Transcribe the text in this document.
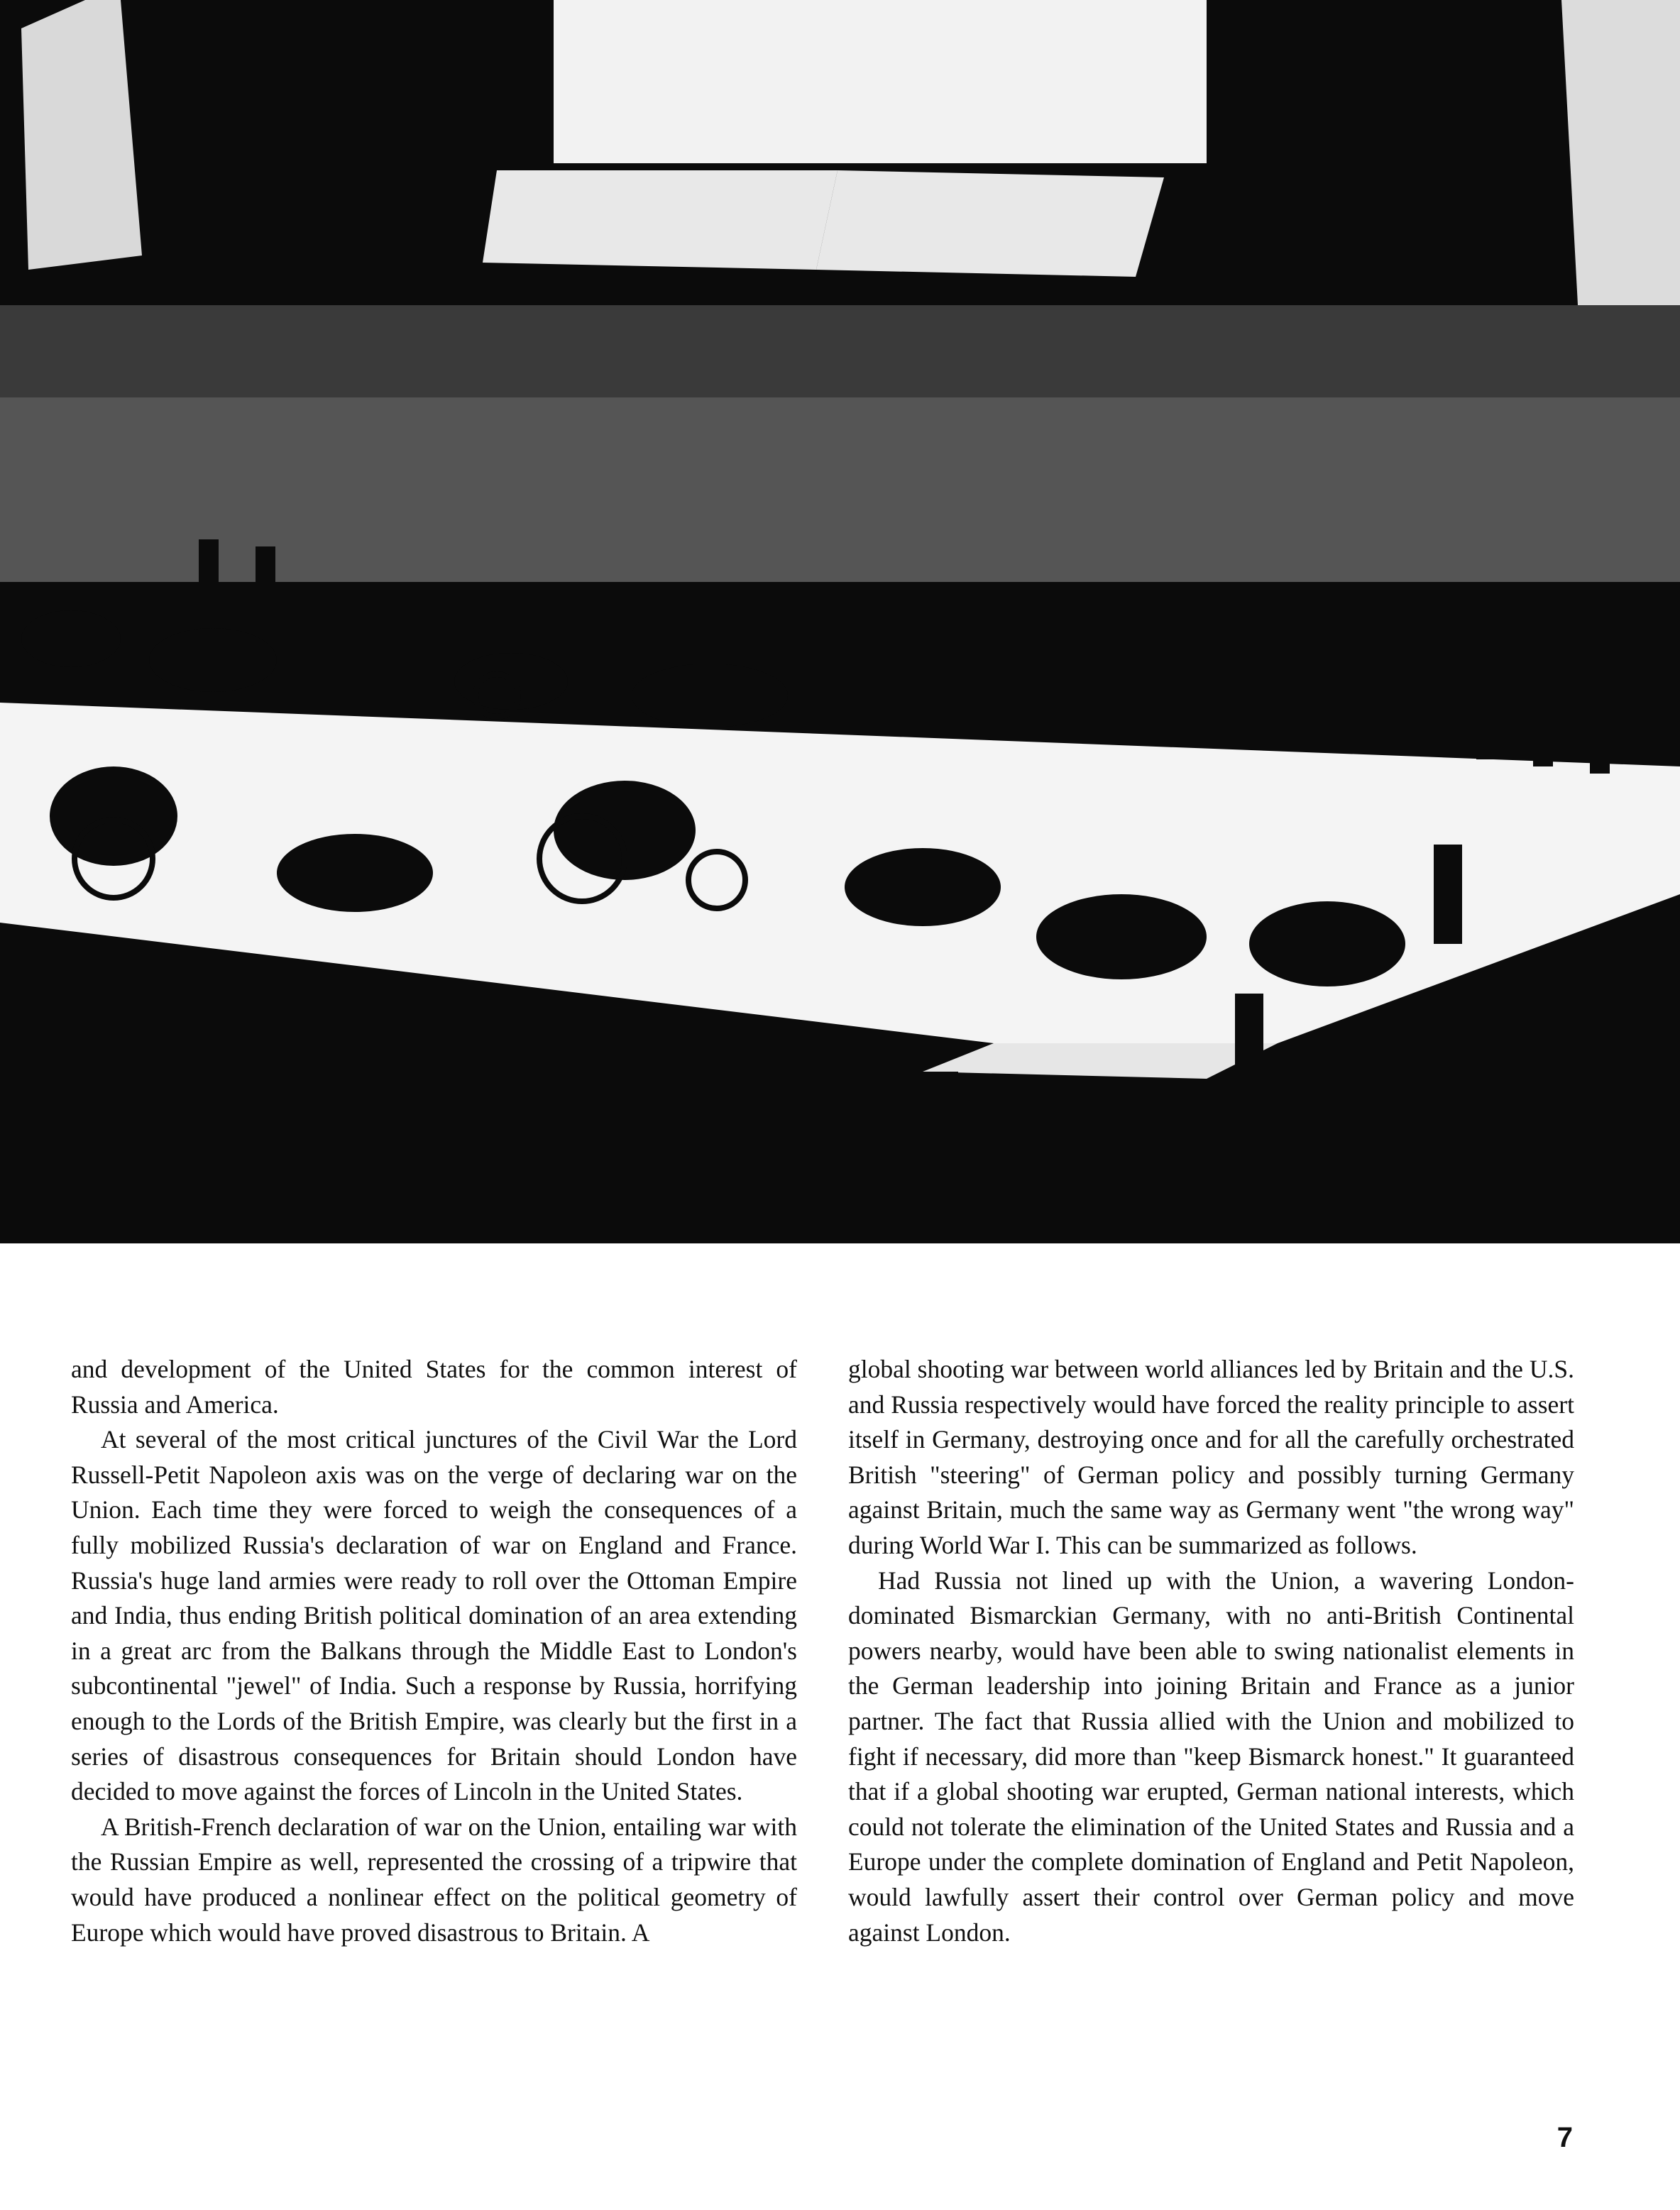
and development of the United States for the common interest of Russia and America.

At several of the most critical junctures of the Civil War the Lord Russell-Petit Napoleon axis was on the verge of declaring war on the Union. Each time they were forced to weigh the consequences of a fully mobilized Russia's declaration of war on England and France. Russia's huge land armies were ready to roll over the Ottoman Empire and India, thus ending British political domination of an area extending in a great arc from the Balkans through the Middle East to London's subcontinental "jewel" of India. Such a response by Russia, horrifying enough to the Lords of the British Empire, was clearly but the first in a series of disastrous consequences for Britain should London have decided to move against the forces of Lincoln in the United States.

A British-French declaration of war on the Union, entailing war with the Russian Empire as well, represented the crossing of a tripwire that would have produced a nonlinear effect on the political geometry of Europe which would have proved disastrous to Britain. A

global shooting war between world alliances led by Britain and the U.S. and Russia respectively would have forced the reality principle to assert itself in Germany, destroying once and for all the carefully orchestrated British "steering" of German policy and possibly turning Germany against Britain, much the same way as Germany went "the wrong way" during World War I. This can be summarized as follows.

Had Russia not lined up with the Union, a wavering London-dominated Bismarckian Germany, with no anti-British Continental powers nearby, would have been able to swing nationalist elements in the German leadership into joining Britain and France as a junior partner. The fact that Russia allied with the Union and mobilized to fight if necessary, did more than "keep Bismarck honest." It guaranteed that if a global shooting war erupted, German national interests, which could not tolerate the elimination of the United States and Russia and a Europe under the complete domination of England and Petit Napoleon, would lawfully assert their control over German policy and move against London.

7
